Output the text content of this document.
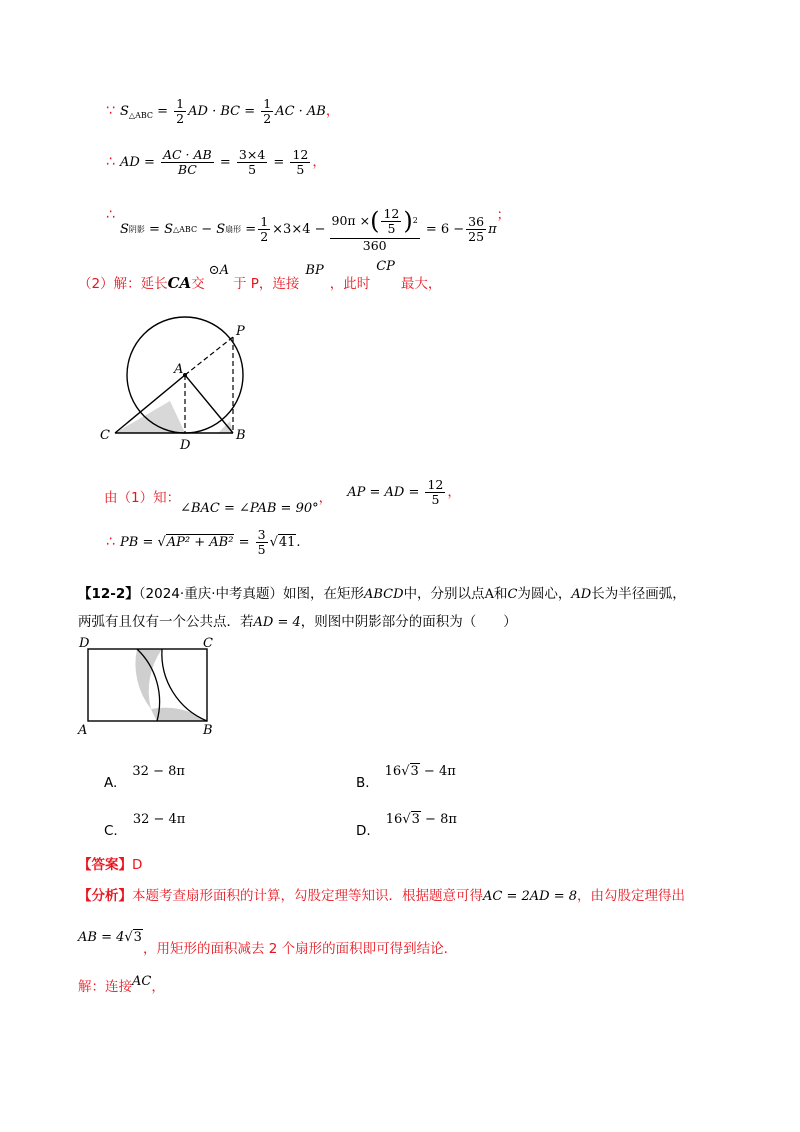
∵ $S_{\triangle ABC} = \frac{1}{2}$ AD · BC = $\frac{1}{2}$ AC · AB，
∴ AD = $\frac{AC \cdot AB}{BC} = \frac{3\times 4}{5} = \frac{12}{5}$ ，
∴ S 阴影 = S △ABC − S 扇形
= $\frac{1}{2} \times 3\times 4 - \frac{90\pi \times ( \frac{12}{5} ) 2}{360} = 6 - \frac{36}{25}$ π
；
（2）解：延长CA交⊙A于 P，连接BP，此时CP最大，
P
A
C
D
B
$_{由(1)知:\angle BAC = \angle PAB = 90^\circ,}$ AP = AD = $\frac{12}{5}$ ，
∴ PB = $√AP^2 + AB^2 = \frac{3}{5} √41$.
【12-2】（2024·重庆·中考真题）如图，在矩形ABCD中，分别以点A和C为圆心，AD长为半径画弧，
两弧有且仅有一个公共点．若AD = 4，则图中阴影部分的面积为（　　）
D	C
A	B
$_{A.}$ 32 − 8π
$_{B.}$ 16√3 − 4π
$_{C.}$ 32 − 4π
$_{D.}$ 16√3 − 8π
【答案】D
【分析】本题考查扇形面积的计算，勾股定理等知识．根据题意可得AC = 2AD = 8，由勾股定理得出
AB = $4√3_{,用矩形的面积减去 2 个扇形的面积即可得到结论.}$
解：连接AC，
